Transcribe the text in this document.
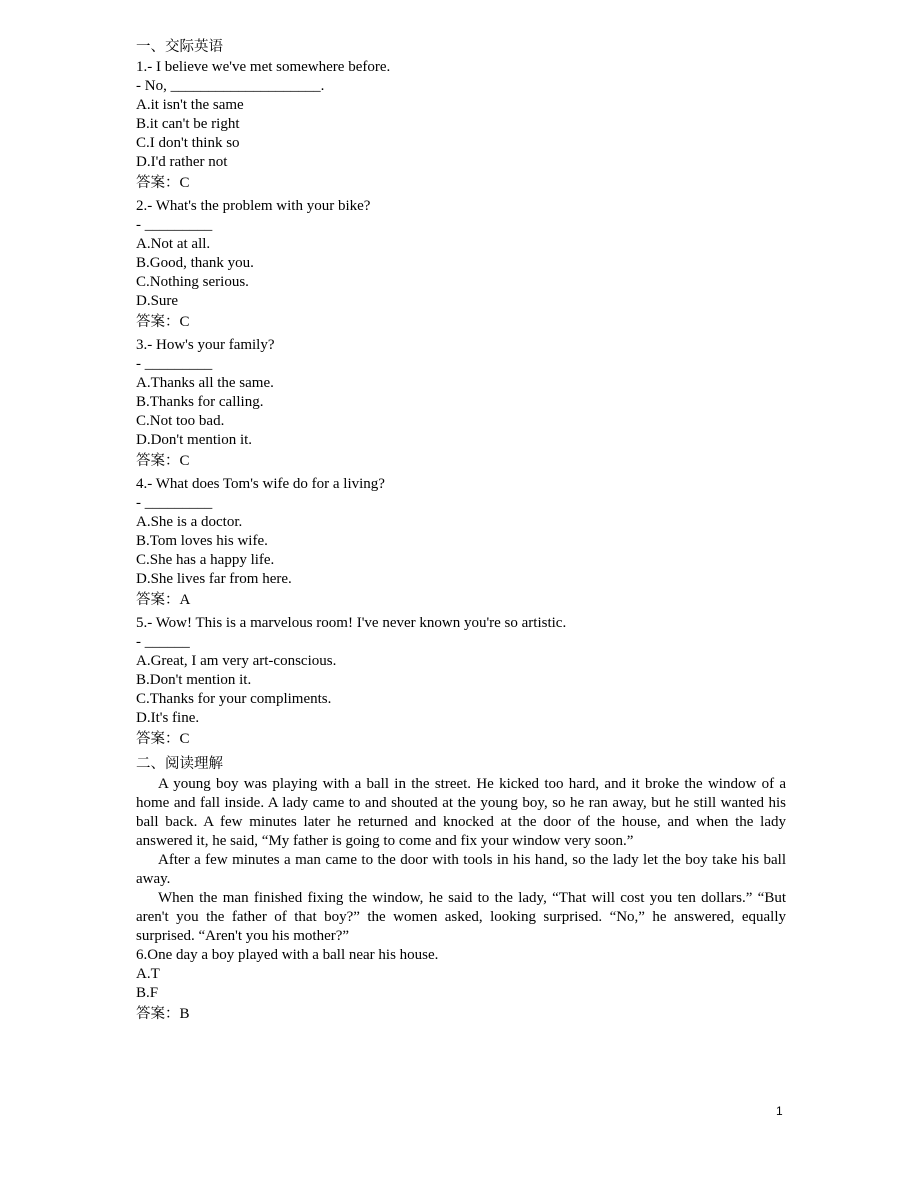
一、交际英语
1.- I believe we've met somewhere before.
- No, ____________________.
A.it isn't the same
B.it can't be right
C.I don't think so
D.I'd rather not
答案：C
2.- What's the problem with your bike?
- _________
A.Not at all.
B.Good, thank you.
C.Nothing serious.
D.Sure
答案：C
3.- How's your family?
- _________
A.Thanks all the same.
B.Thanks for calling.
C.Not too bad.
D.Don't mention it.
答案：C
4.- What does Tom's wife do for a living?
- _________
A.She is a doctor.
B.Tom loves his wife.
C.She has a happy life.
D.She lives far from here.
答案：A
5.- Wow! This is a marvelous room! I've never known you're so artistic.
- ______
A.Great, I am very art-conscious.
B.Don't mention it.
C.Thanks for your compliments.
D.It's fine.
答案：C
二、阅读理解
A young boy was playing with a ball in the street. He kicked too hard, and it broke the window of a home and fall inside. A lady came to and shouted at the young boy, so he ran away, but he still wanted his ball back. A few minutes later he returned and knocked at the door of the house, and when the lady answered it, he said, “My father is going to come and fix your window very soon.”
After a few minutes a man came to the door with tools in his hand, so the lady let the boy take his ball away.
When the man finished fixing the window, he said to the lady, “That will cost you ten dollars.” “But aren't you the father of that boy?” the women asked, looking surprised. “No,” he answered, equally surprised. “Aren't you his mother?”
6.One day a boy played with a ball near his house.
A.T
B.F
答案：B
1
